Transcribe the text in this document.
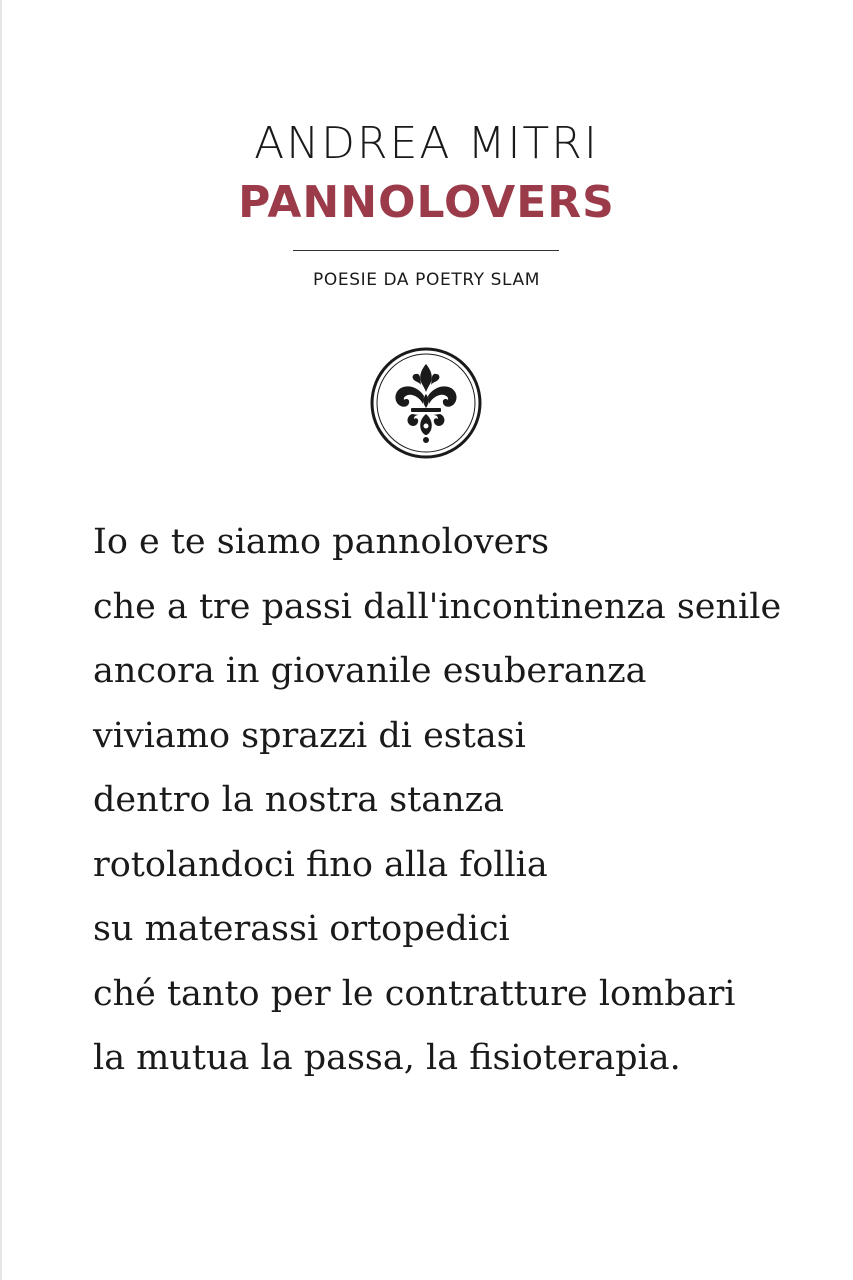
ANDREA MITRI
PANNOLOVERS
POESIE DA POETRY SLAM
Io e te siamo pannolovers
che a tre passi dall'incontinenza senile
ancora in giovanile esuberanza
viviamo sprazzi di estasi
dentro la nostra stanza
rotolandoci fino alla follia
su materassi ortopedici
ché tanto per le contratture lombari
la mutua la passa, la fisioterapia.
